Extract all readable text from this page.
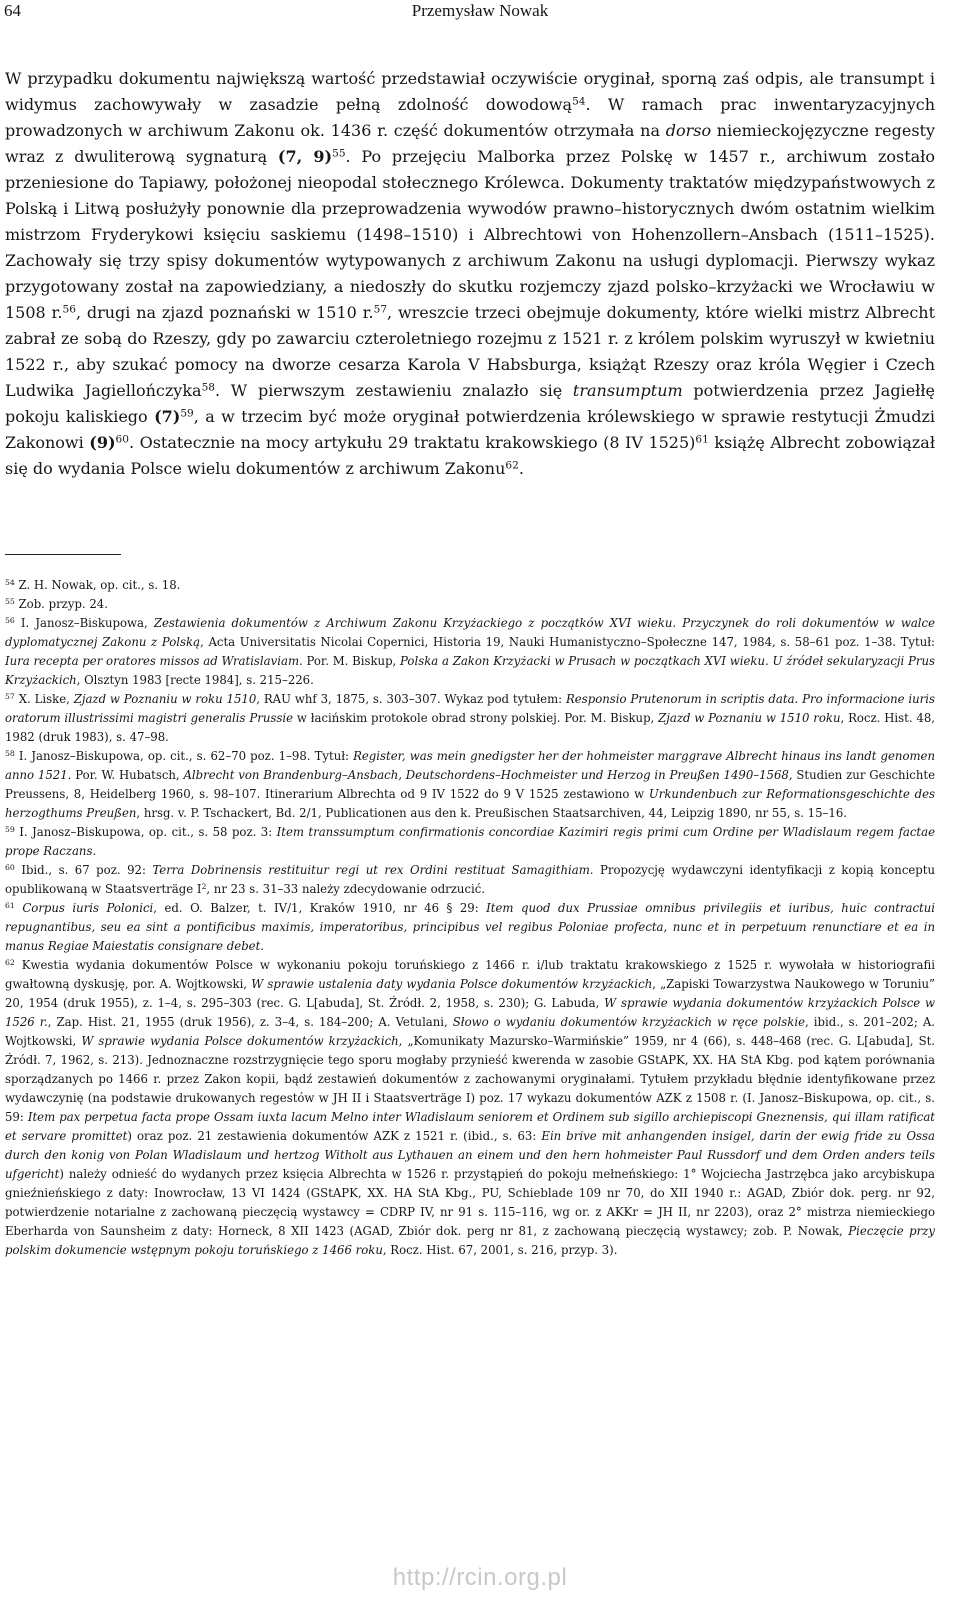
64	Przemysław Nowak

W przypadku dokumentu największą wartość przedstawiał oczywiście oryginał, sporną zaś odpis, ale transumpt i widymus zachowywały w zasadzie pełną zdolność dowodową$^{54}$. W ramach prac inwentaryzacyjnych prowadzonych w archiwum Zakonu ok. 1436 r. część dokumentów otrzymała na dorso niemieckojęzyczne regesty wraz z dwuliterową sygnaturą (7, 9)$^{55}$. Po przejęciu Malborka przez Polskę w 1457 r., archiwum zostało przeniesione do Tapiawy, położonej nieopodal stołecznego Królewca. Dokumenty traktatów międzypaństwowych z Polską i Litwą posłużyły ponownie dla przeprowadzenia wywodów prawno–historycznych dwóm ostatnim wielkim mistrzom Fryderykowi księciu saskiemu (1498–1510) i Albrechtowi von Hohenzollern–Ansbach (1511–1525). Zachowały się trzy spisy dokumentów wytypowanych z archiwum Zakonu na usługi dyplomacji. Pierwszy wykaz przygotowany został na zapowiedziany, a niedoszły do skutku rozjemczy zjazd polsko–krzyżacki we Wrocławiu w 1508 r.$^{56}$, drugi na zjazd poznański w 1510 r.$^{57}$, wreszcie trzeci obejmuje dokumenty, które wielki mistrz Albrecht zabrał ze sobą do Rzeszy, gdy po zawarciu czteroletniego rozejmu z 1521 r. z królem polskim wyruszył w kwietniu 1522 r., aby szukać pomocy na dworze cesarza Karola V Habsburga, książąt Rzeszy oraz króla Węgier i Czech Ludwika Jagiellończyka$^{58}$. W pierwszym zestawieniu znalazło się transumptum potwierdzenia przez Jagiełłę pokoju kaliskiego $(7)^{59}$, a w trzecim być może oryginał potwierdzenia królewskiego w sprawie restytucji Żmudzi Zakonowi $(9)^{60}$. Ostatecznie na mocy artykułu 29 traktatu krakowskiego (8 IV 1525)$^{61}$ książę Albrecht zobowiązał się do wydania Polsce wielu dokumentów z archiwum Zakonu$^{62}$.

$^{54}$ Z. H. Nowak, op. cit., s. 18.

$^{55}$ Zob. przyp. 24.

$^{56}$ I. Janosz–Biskupowa, Zestawienia dokumentów z Archiwum Zakonu Krzyżackiego z początków XVI wieku. Przyczynek do roli dokumentów w walce dyplomatycznej Zakonu z Polską, Acta Universitatis Nicolai Copernici, Historia 19, Nauki Humanistyczno–Społeczne 147, 1984, s. 58–61 poz. 1–38. Tytuł: Iura recepta per oratores missos ad Wratislaviam. Por. M. Biskup, Polska a Zakon Krzyżacki w Prusach w początkach XVI wieku. U źródeł sekularyzacji Prus Krzyżackich, Olsztyn 1983 [recte 1984], s. 215–226.

$^{57}$ X. Liske, Zjazd w Poznaniu w roku 1510, RAU whf 3, 1875, s. 303–307. Wykaz pod tytułem: Responsio Prutenorum in scriptis data. Pro informacione iuris oratorum illustrissimi magistri generalis Prussie w łacińskim protokole obrad strony polskiej. Por. M. Biskup, Zjazd w Poznaniu w 1510 roku, Rocz. Hist. 48, 1982 (druk 1983), s. 47–98.

$^{58}$ I. Janosz–Biskupowa, op. cit., s. 62–70 poz. 1–98. Tytuł: Register, was mein gnedigster her der hohmeister marggrave Albrecht hinaus ins landt genomen anno 1521. Por. W. Hubatsch, Albrecht von Brandenburg–Ansbach, Deutschordens–Hochmeister und Herzog in Preußen 1490–1568, Studien zur Geschichte Preussens, 8, Heidelberg 1960, s. 98–107. Itinerarium Albrechta od 9 IV 1522 do 9 V 1525 zestawiono w Urkundenbuch zur Reformationsgeschichte des herzogthums Preußen, hrsg. v. P. Tschackert, Bd. 2/1, Publicationen aus den k. Preußischen Staatsarchiven, 44, Leipzig 1890, nr 55, s. 15–16.

$^{59}$ I. Janosz–Biskupowa, op. cit., s. 58 poz. 3: Item transsumptum confirmationis concordiae Kazimiri regis primi cum Ordine per Wladislaum regem factae prope Raczans.

$^{60}$ Ibid., s. 67 poz. 92: Terra Dobrinensis restituitur regi ut rex Ordini restituat Samagithiam. Propozycję wydawczyni identyfikacji z kopią konceptu opublikowaną w Staatsverträge $I^2$, nr 23 s. 31–33 należy zdecydowanie odrzucić.

$^{61}$ Corpus iuris Polonici, ed. O. Balzer, t. IV/1, Kraków 1910, nr 46 § 29: Item quod dux Prussiae omnibus privilegiis et iuribus, huic contractui repugnantibus, seu ea sint a pontificibus maximis, imperatoribus, principibus vel regibus Poloniae profecta, nunc et in perpetuum renunctiare et ea in manus Regiae Maiestatis consignare debet.

$^{62}$ Kwestia wydania dokumentów Polsce w wykonaniu pokoju toruńskiego z 1466 r. i/lub traktatu krakowskiego z 1525 r. wywołała w historiografii gwałtowną dyskusję, por. A. Wojtkowski, W sprawie ustalenia daty wydania Polsce dokumentów krzyżackich, „Zapiski Towarzystwa Naukowego w Toruniu” 20, 1954 (druk 1955), z. 1–4, s. 295–303 (rec. G. L[abuda], St. Źródł. 2, 1958, s. 230); G. Labuda, W sprawie wydania dokumentów krzyżackich Polsce w 1526 r., Zap. Hist. 21, 1955 (druk 1956), z. 3–4, s. 184–200; A. Vetulani, Słowo o wydaniu dokumentów krzyżackich w ręce polskie, ibid., s. 201–202; A. Wojtkowski, W sprawie wydania Polsce dokumentów krzyżackich, „Komunikaty Mazursko–Warmińskie” 1959, nr 4 (66), s. 448–468 (rec. G. L[abuda], St. Źródł. 7, 1962, s. 213). Jednoznaczne rozstrzygnięcie tego sporu mogłaby przynieść kwerenda w zasobie GStAPK, XX. HA StA Kbg. pod kątem porównania sporządzanych po 1466 r. przez Zakon kopii, bądź zestawień dokumentów z zachowanymi oryginałami. Tytułem przykładu błędnie identyfikowane przez wydawczynię (na podstawie drukowanych regestów w JH II i Staatsverträge I) poz. 17 wykazu dokumentów AZK z 1508 r. (I. Janosz–Biskupowa, op. cit., s. 59: Item pax perpetua facta prope Ossam iuxta lacum Melno inter Wladislaum seniorem et Ordinem sub sigillo archiepiscopi Gneznensis, qui illam ratificat et servare promittet) oraz poz. 21 zestawienia dokumentów AZK z 1521 r. (ibid., s. 63: Ein brive mit anhangenden insigel, darin der ewig fride zu Ossa durch den konig von Polan Wladislaum und hertzog Witholt aus Lythauen an einem und den hern hohmeister Paul Russdorf und dem Orden anders teils ufgericht) należy odnieść do wydanych przez księcia Albrechta w 1526 r. przystąpień do pokoju mełneńskiego: 1° Wojciecha Jastrzębca jako arcybiskupa gnieźnieńskiego z daty: Inowrocław, 13 VI 1424 (GStAPK, XX. HA StA Kbg., PU, Schieblade 109 nr 70, do XII 1940 r.: AGAD, Zbiór dok. perg. nr 92, potwierdzenie notarialne z zachowaną pieczęcią wystawcy = CDRP IV, nr 91 s. 115–116, wg or. z AKKr = JH II, nr 2203), oraz 2° mistrza niemieckiego Eberharda von Saunsheim z daty: Horneck, 8 XII 1423 (AGAD, Zbiór dok. perg nr 81, z zachowaną pieczęcią wystawcy; zob. P. Nowak, Pieczęcie przy polskim dokumencie wstępnym pokoju toruńskiego z 1466 roku, Rocz. Hist. 67, 2001, s. 216, przyp. 3).

http://rcin.org.pl
